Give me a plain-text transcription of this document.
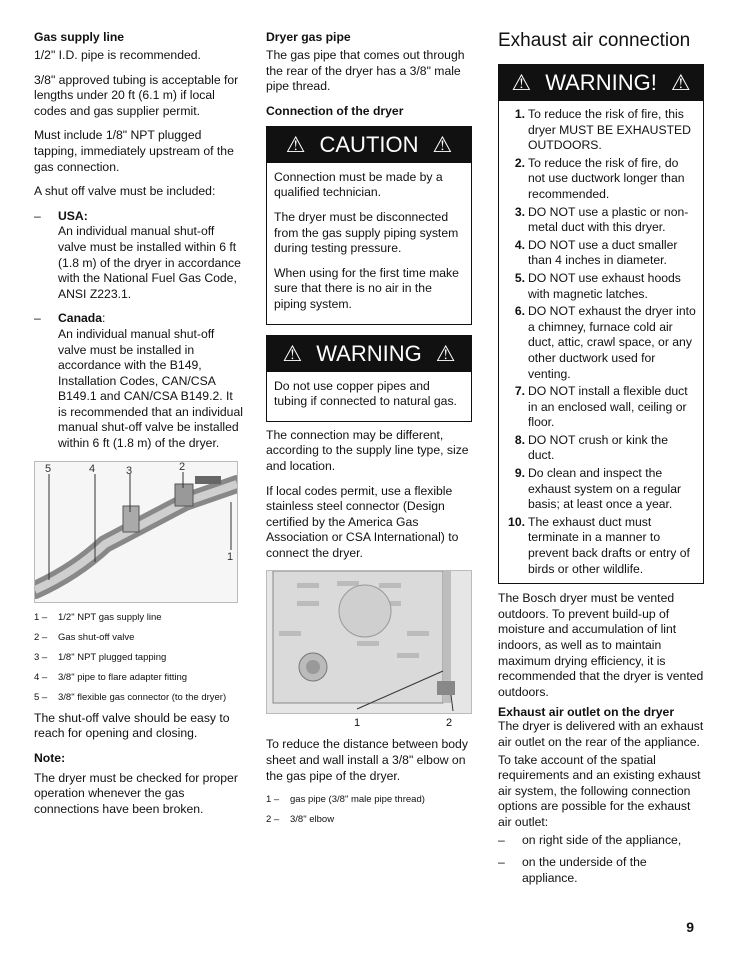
Gas supply line

1/2" I.D. pipe is recommended.

3/8" approved tubing is acceptable for lengths under 20 ft (6.1 m) if local codes and gas supplier permit.

Must include 1/8" NPT plugged tapping, immediately upstream of the gas connection.

A shut off valve must be included:

–	USA:
An individual manual shut-off valve must be installed within 6 ft (1.8 m) of the dryer in accordance with the National Fuel Gas Code, ANSI Z223.1.
–	Canada:
An individual manual shut-off valve must be installed in accordance with the B149, Installation Codes, CAN/CSA B149.1 and CAN/CSA B149.2. It is recommended that an individual manual shut-off valve be installed within 6 ft (1.8 m) of the dryer.
5	4	3	2
1
1 –	1/2" NPT gas supply line
2 –	Gas shut-off valve
3 –	1/8" NPT plugged tapping
4 –	3/8" pipe to flare adapter fitting
5 –	3/8" flexible gas connector (to the dryer)

The shut-off valve should be easy to reach for opening and closing.

Note:

The dryer must be checked for proper operation whenever the gas connections have been broken.

Dryer gas pipe

The gas pipe that comes out through the rear of the dryer has a 3/8" male pipe thread.

Connection of the dryer
⚠ CAUTION ⚠

Connection must be made by a qualified technician.

The dryer must be disconnected from the gas supply piping system during testing pressure.

When using for the first time make sure that there is no air in the piping system.

⚠ WARNING ⚠

Do not use copper pipes and tubing if connected to natural gas.

The connection may be different, according to the supply line type, size and location.

If local codes permit, use a flexible stainless steel connector (Design certified by the America Gas Association or CSA International) to connect the dryer.

1	2

To reduce the distance between body sheet and wall install a 3/8" elbow on the gas pipe of the dryer.

1 –	gas pipe (3/8" male pipe thread)
2 –	3/8" elbow
Exhaust air connection
⚠ WARNING! ⚠
1. To reduce the risk of fire, this dryer MUST BE EXHAUSTED OUTDOORS.
2. To reduce the risk of fire, do not use ductwork longer than recommended.
3. DO NOT use a plastic or non-metal duct with this dryer.
4. DO NOT use a duct smaller than 4 inches in diameter.
5. DO NOT use exhaust hoods with magnetic latches.
6. DO NOT exhaust the dryer into a chimney, furnace cold air duct, attic, crawl space, or any other ductwork used for venting.
7. DO NOT install a flexible duct in an enclosed wall, ceiling or floor.
8. DO NOT crush or kink the duct.
9. Do clean and inspect the exhaust system on a regular basis; at least once a year.
10. The exhaust duct must terminate in a manner to prevent back drafts or entry of birds or other wildlife.

The Bosch dryer must be vented outdoors. To prevent build-up of moisture and accumulation of lint indoors, as well as to maintain maximum drying efficiency, it is recommended that the dryer is vented outdoors.

Exhaust air outlet on the dryer

The dryer is delivered with an exhaust air outlet on the rear of the appliance.

To take account of the spatial requirements and an existing exhaust air system, the following connection options are possible for the exhaust air outlet:

–	on right side of the appliance,
–	on the underside of the appliance.
9
